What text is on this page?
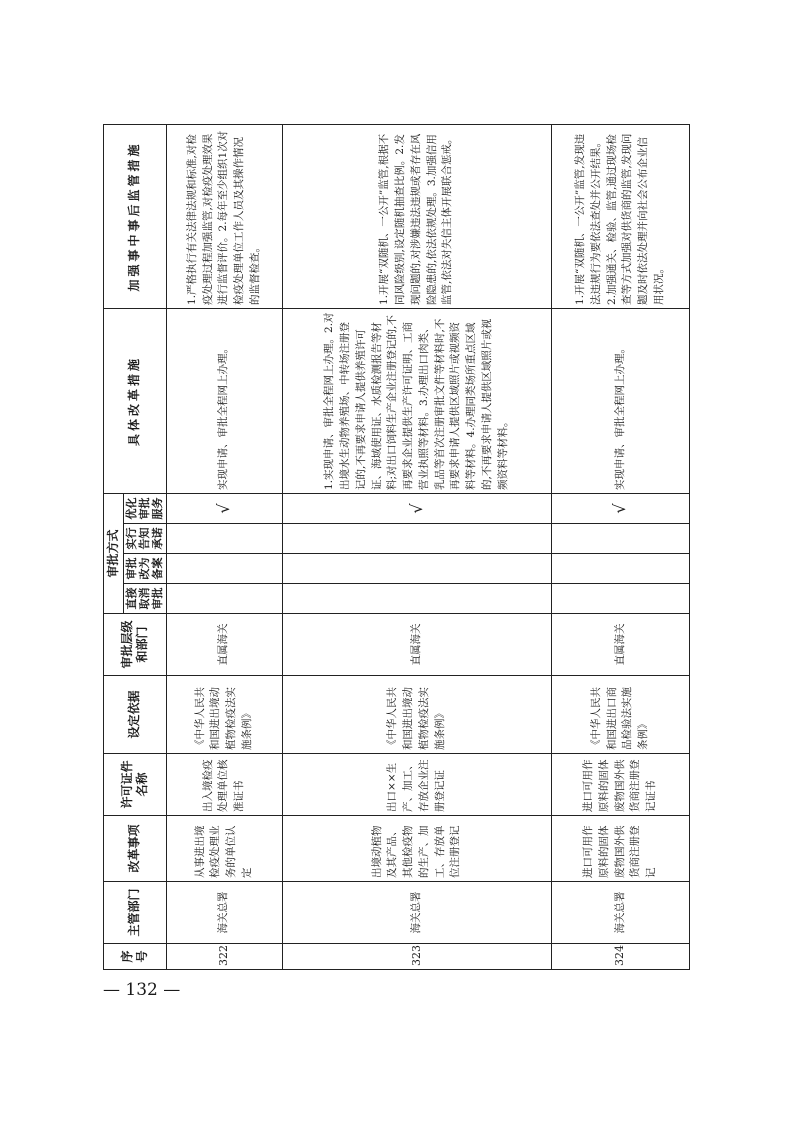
序号	主管部门	改革事项	许可证件名称	设定依据	审批层级和部门	审批方式				具体改革措施	加强事中事后监管措施
						直接取消审批	审批改为备案	实行告知承诺	优化审批服务		
322	海关总署	从事进出境检疫处理业务的单位认定	出入境检疫处理单位核准证书	《中华人民共和国进出境动植物检疫法实施条例》	直属海关				√	实现申请、审批全程网上办理。	1.严格执行有关法律法规和标准,对检疫处理过程加强监管,对检疫处理效果进行监督评价。2.每年至少组织1次对检疫处理单位工作人员及其操作情况的监督检查。
323	海关总署	出境动植物及其产品、其他检疫物的生产、加工、存放单位注册登记	出口××生产、加工、存放企业注册登记证	《中华人民共和国进出境动植物检疫法实施条例》	直属海关				√	1.实现申请、审批全程网上办理。2.对出境水生动物养殖场、中转场注册登记的,不再要求申请人提供养殖许可证、海域使用证、水质检测报告等材料;对出口饲料生产企业注册登记的,不再要求企业提供生产许可证明、工商营业执照等材料。3.办理出口肉类、乳品等首次注册审批文件等材料时,不再要求申请人提供区域照片或视频资料等材料。4.办理同类场所重点区域的,不再要求申请人提供区域照片或视频资料等材料。	1.开展“双随机、一公开”监管,根据不同风险级别,设定随机抽查比例。2.发现问题的,对涉嫌违法违规或者存在风险隐患的,依法依规处理。3.加强信用监管,依法对失信主体开展联合惩戒。
324	海关总署	进口可用作原料的固体废物国外供货商注册登记	进口可用作原料的固体废物国外供货商注册登记证书	《中华人民共和国进出口商品检验法实施条例》	直属海关				√	实现申请、审批全程网上办理。	1.开展“双随机、一公开”监管,发现违法违规行为要依法查处并公开结果。2.加强通关、检验、监管,通过现场检查等方式加强对供货商的监管,发现问题及时依法处理并向社会公布企业信用状况。
— 132 —
